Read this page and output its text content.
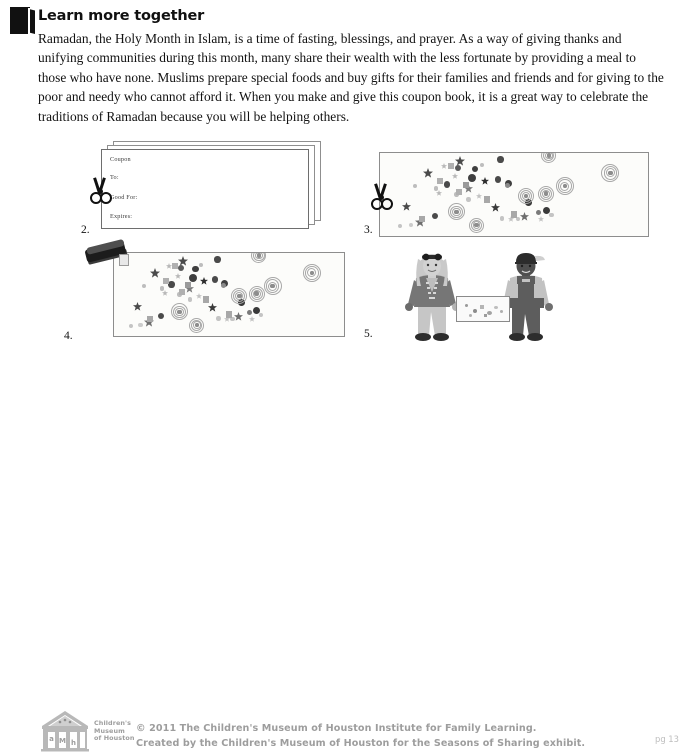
Learn more together
Ramadan, the Holy Month in Islam, is a time of fasting, blessings, and prayer. As a way of giving thanks and unifying communities during this month, many share their wealth with the less fortunate by providing a meal to those who have none. Muslims prepare special foods and buy gifts for their families and friends and for giving to the poor and needy who cannot afford it. When you make and give this coupon book, it is a great way to celebrate the traditions of Ramadan because you will be helping others.
2.
Coupon
To:
Good For:
Expires:
3.
4.	5.
a M h
Children's
Museum
of Houston
© 2011 The Children's Museum of Houston Institute for Family Learning.
Created by the Children's Museum of Houston for the Seasons of Sharing exhibit.	pg 13
